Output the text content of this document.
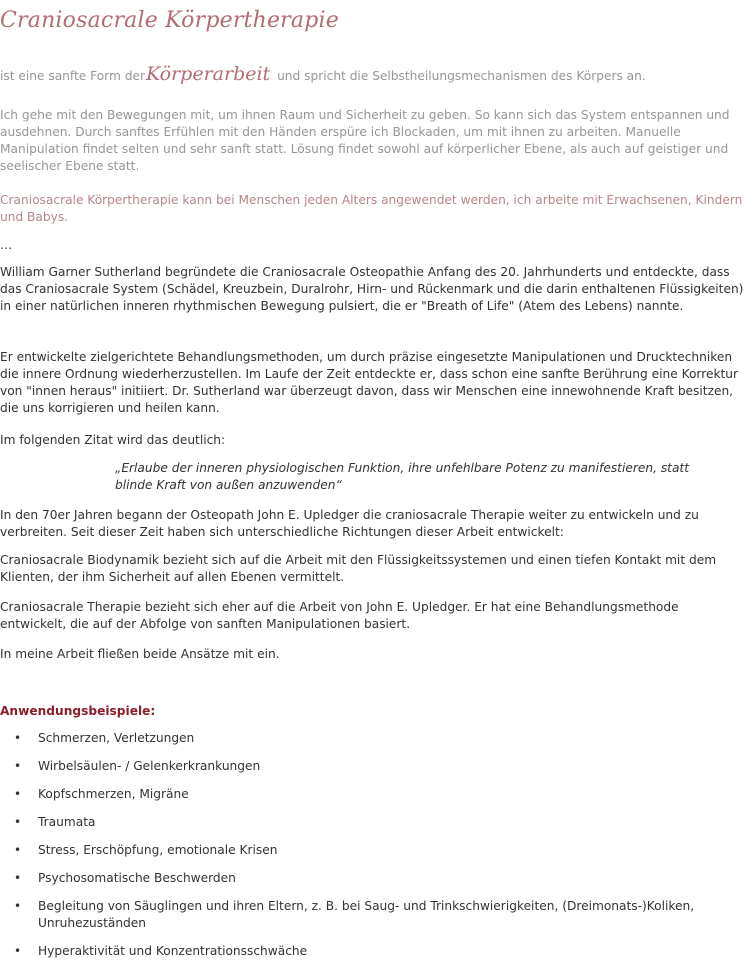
Craniosacrale Körpertherapie

ist eine sanfte Form derKörperarbeit und spricht die Selbstheilungsmechanismen des Körpers an.

Ich gehe mit den Bewegungen mit, um ihnen Raum und Sicherheit zu geben. So kann sich das System entspannen und ausdehnen. Durch sanftes Erfühlen mit den Händen erspüre ich Blockaden, um mit ihnen zu arbeiten. Manuelle Manipulation findet selten und sehr sanft statt. Lösung findet sowohl auf körperlicher Ebene, als auch auf geistiger und seelischer Ebene statt.

Craniosacrale Körpertherapie kann bei Menschen jeden Alters angewendet werden, ich arbeite mit Erwachsenen, Kindern und Babys.

…

William Garner Sutherland begründete die Craniosacrale Osteopathie Anfang des 20. Jahrhunderts und entdeckte, dass das Craniosacrale System (Schädel, Kreuzbein, Duralrohr, Hirn- und Rückenmark und die darin enthaltenen Flüssigkeiten) in einer natürlichen inneren rhythmischen Bewegung pulsiert, die er "Breath of Life" (Atem des Lebens) nannte.

Er entwickelte zielgerichtete Behandlungsmethoden, um durch präzise eingesetzte Manipulationen und Drucktechniken die innere Ordnung wiederherzustellen. Im Laufe der Zeit entdeckte er, dass schon eine sanfte Berührung eine Korrektur von "innen heraus" initiiert. Dr. Sutherland war überzeugt davon, dass wir Menschen eine innewohnende Kraft besitzen, die uns korrigieren und heilen kann.

Im folgenden Zitat wird das deutlich:

„Erlaube der inneren physiologischen Funktion, ihre unfehlbare Potenz zu manifestieren, statt blinde Kraft von außen anzuwenden“

In den 70er Jahren begann der Osteopath John E. Upledger die craniosacrale Therapie weiter zu entwickeln und zu verbreiten. Seit dieser Zeit haben sich unterschiedliche Richtungen dieser Arbeit entwickelt:

Craniosacrale Biodynamik bezieht sich auf die Arbeit mit den Flüssigkeitssystemen und einen tiefen Kontakt mit dem Klienten, der ihm Sicherheit auf allen Ebenen vermittelt.

Craniosacrale Therapie bezieht sich eher auf die Arbeit von John E. Upledger. Er hat eine Behandlungsmethode entwickelt, die auf der Abfolge von sanften Manipulationen basiert.

In meine Arbeit fließen beide Ansätze mit ein.

Anwendungsbeispiele:
• Schmerzen, Verletzungen
• Wirbelsäulen- / Gelenkerkrankungen
• Kopfschmerzen, Migräne
• Traumata
• Stress, Erschöpfung, emotionale Krisen
• Psychosomatische Beschwerden
• Begleitung von Säuglingen und ihren Eltern, z. B. bei Saug- und Trinkschwierigkeiten, (Dreimonats-)Koliken, Unruhezuständen
• Hyperaktivität und Konzentrationsschwäche
